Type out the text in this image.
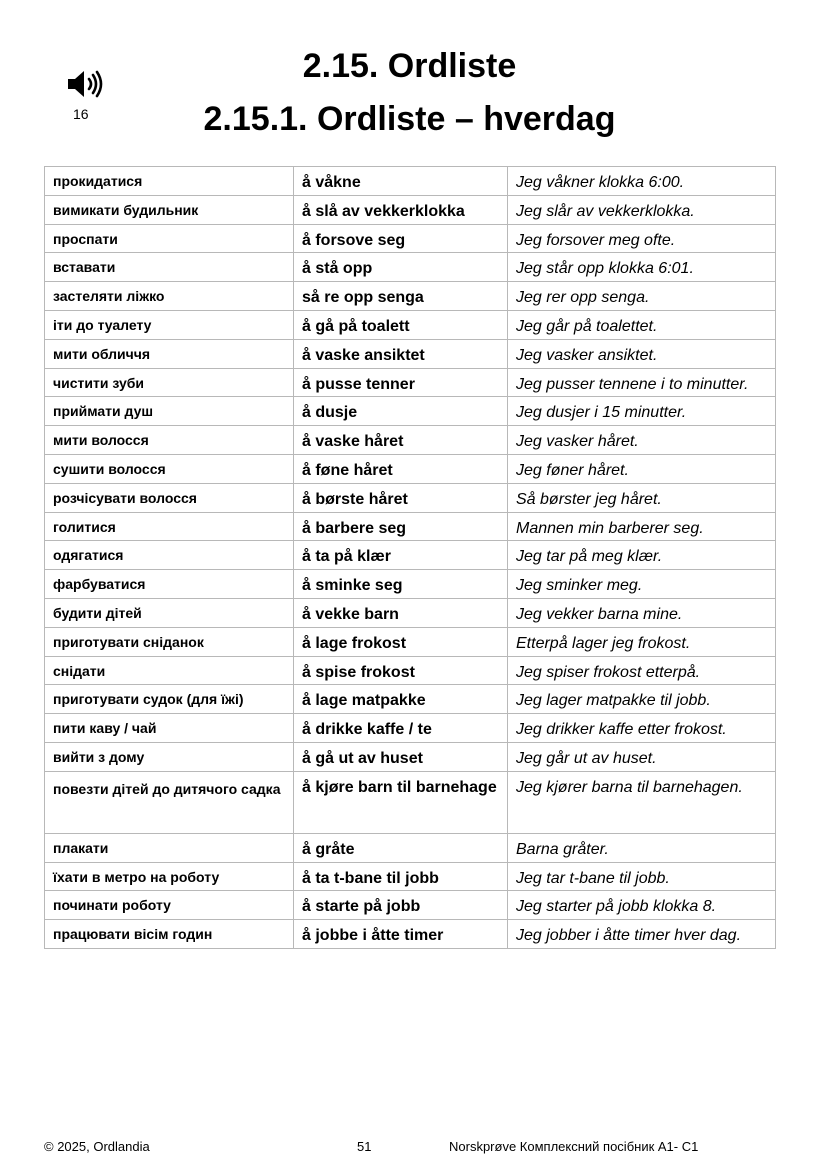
16
2.15. Ordliste
2.15.1. Ordliste – hverdag
прокидатися	å våkne	Jeg våkner klokka 6:00.
вимикати будильник	å slå av vekkerklokka	Jeg slår av vekkerklokka.
проспати	å forsove seg	Jeg forsover meg ofte.
вставати	å stå opp	Jeg står opp klokka 6:01.
застеляти ліжко	så re opp senga	Jeg rer opp senga.
іти до туалету	å gå på toalett	Jeg går på toalettet.
мити обличчя	å vaske ansiktet	Jeg vasker ansiktet.
чистити зуби	å pusse tenner	Jeg pusser tennene i to minutter.
приймати душ	å dusje	Jeg dusjer i 15 minutter.
мити волосся	å vaske håret	Jeg vasker håret.
сушити волосся	å føne håret	Jeg føner håret.
розчісувати волосся	å børste håret	Så børster jeg håret.
голитися	å barbere seg	Mannen min barberer seg.
одягатися	å ta på klær	Jeg tar på meg klær.
фарбуватися	å sminke seg	Jeg sminker meg.
будити дітей	å vekke barn	Jeg vekker barna mine.
приготувати сніданок	å lage frokost	Etterpå lager jeg frokost.
снідати	å spise frokost	Jeg spiser frokost etterpå.
приготувати судок (для їжі)	å lage matpakke	Jeg lager matpakke til jobb.
пити каву / чай	å drikke kaffe / te	Jeg drikker kaffe etter frokost.
вийти з дому	å gå ut av huset	Jeg går ut av huset.
повезти дітей до дитячого садка	å kjøre barn til barnehage	Jeg kjører barna til barnehagen.
плакати	å gråte	Barna gråter.
їхати в метро на роботу	å ta t-bane til jobb	Jeg tar t-bane til jobb.
починати роботу	å starte på jobb	Jeg starter på jobb klokka 8.
працювати вісім годин	å jobbe i åtte timer	Jeg jobber i åtte timer hver dag.
© 2025, Ordlandia	51	Norskprøve Комплексний посібник A1- C1
